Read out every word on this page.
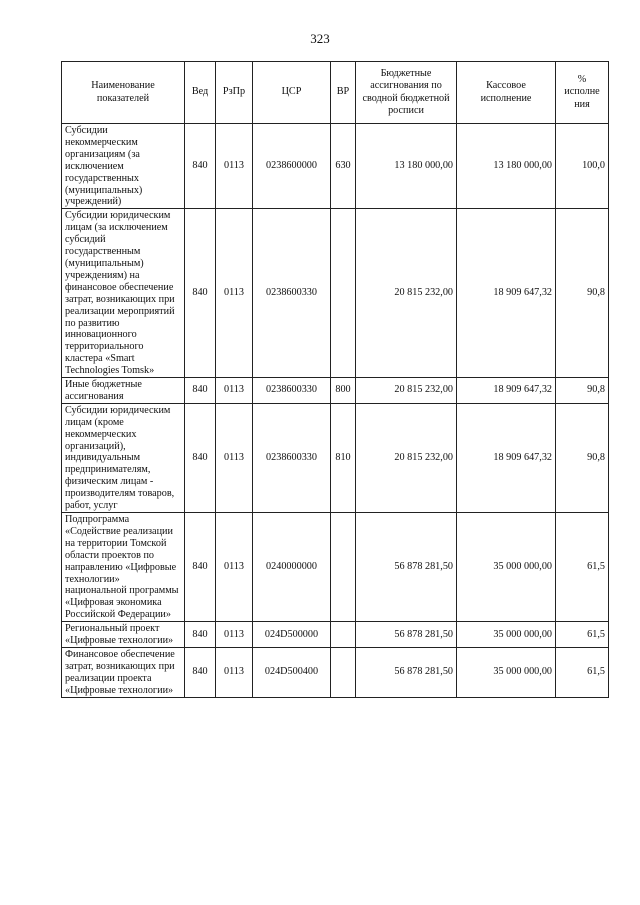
323
Наименование показателей	Вед	РзПр	ЦСР	ВР	Бюджетные ассигнования по сводной бюджетной росписи	Кассовое исполнение	% исполне ния
Субсидии некоммерческим организациям (за исключением государственных (муниципальных) учреждений)	840	0113	0238600000	630	13 180 000,00	13 180 000,00	100,0
Субсидии юридическим лицам (за исключением субсидий государственным (муниципальным) учреждениям) на финансовое обеспечение затрат, возникающих при реализации мероприятий по развитию инновационного территориального кластера «Smart Technologies Tomsk»	840	0113	0238600330		20 815 232,00	18 909 647,32	90,8
Иные бюджетные ассигнования	840	0113	0238600330	800	20 815 232,00	18 909 647,32	90,8
Субсидии юридическим лицам (кроме некоммерческих организаций), индивидуальным предпринимателям, физическим лицам - производителям товаров, работ, услуг	840	0113	0238600330	810	20 815 232,00	18 909 647,32	90,8
Подпрограмма «Содействие реализации на территории Томской области проектов по направлению «Цифровые технологии» национальной программы «Цифровая экономика Российской Федерации»	840	0113	0240000000		56 878 281,50	35 000 000,00	61,5
Региональный проект «Цифровые технологии»	840	0113	024D500000		56 878 281,50	35 000 000,00	61,5
Финансовое обеспечение затрат, возникающих при реализации проекта «Цифровые технологии»	840	0113	024D500400		56 878 281,50	35 000 000,00	61,5
